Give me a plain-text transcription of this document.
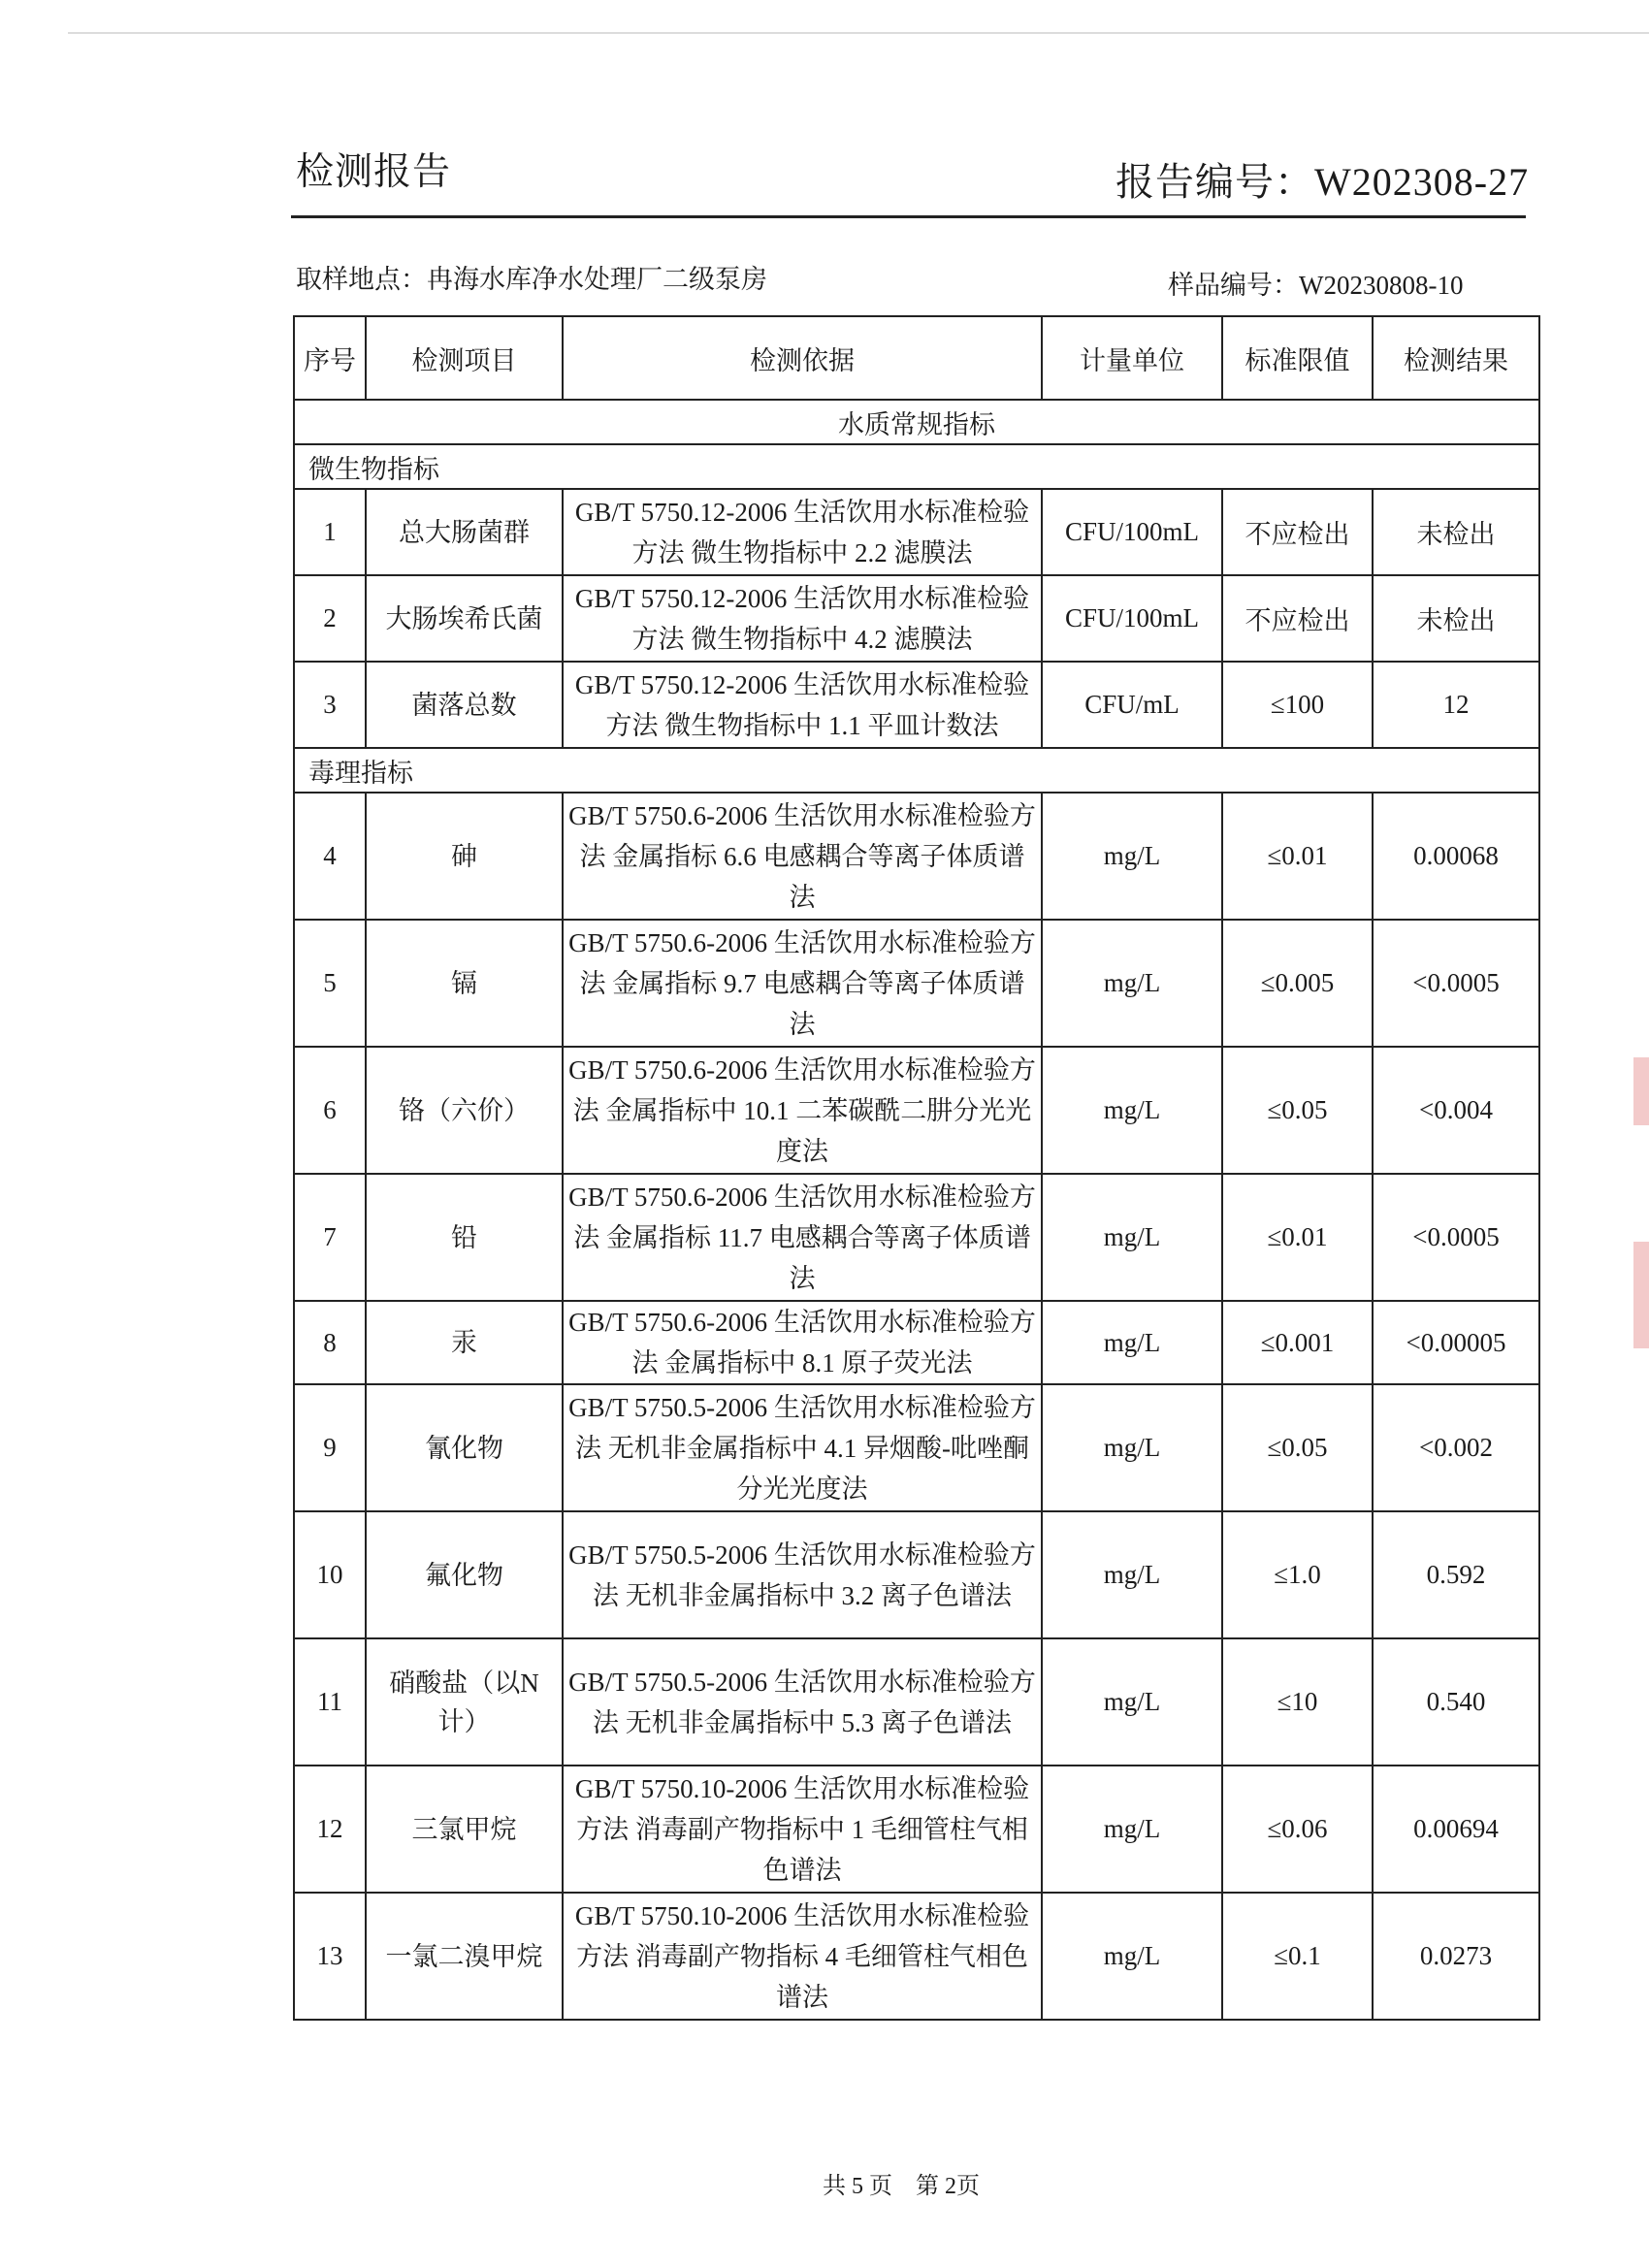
检测报告	报告编号：W202308-27
取样地点：冉海水库净水处理厂二级泵房	样品编号：W20230808-10
序号	检测项目	检测依据	计量单位	标准限值	检测结果
水质常规指标					
微生物指标					
1	总大肠菌群	GB/T 5750.12-2006 生活饮用水标准检验方法 微生物指标中 2.2 滤膜法	CFU/100mL	不应检出	未检出
2	大肠埃希氏菌	GB/T 5750.12-2006 生活饮用水标准检验方法 微生物指标中 4.2 滤膜法	CFU/100mL	不应检出	未检出
3	菌落总数	GB/T 5750.12-2006 生活饮用水标准检验方法 微生物指标中 1.1 平皿计数法	CFU/mL	≤100	12
毒理指标					
4	砷	GB/T 5750.6-2006 生活饮用水标准检验方法 金属指标 6.6 电感耦合等离子体质谱法	mg/L	≤0.01	0.00068
5	镉	GB/T 5750.6-2006 生活饮用水标准检验方法 金属指标 9.7 电感耦合等离子体质谱法	mg/L	≤0.005	<0.0005
6	铬（六价）	GB/T 5750.6-2006 生活饮用水标准检验方法 金属指标中 10.1 二苯碳酰二肼分光光度法	mg/L	≤0.05	<0.004
7	铅	GB/T 5750.6-2006 生活饮用水标准检验方法 金属指标 11.7 电感耦合等离子体质谱法	mg/L	≤0.01	<0.0005
8	汞	GB/T 5750.6-2006 生活饮用水标准检验方法 金属指标中 8.1 原子荧光法	mg/L	≤0.001	<0.00005
9	氰化物	GB/T 5750.5-2006 生活饮用水标准检验方法 无机非金属指标中 4.1 异烟酸-吡唑酮分光光度法	mg/L	≤0.05	<0.002
10	氟化物	GB/T 5750.5-2006 生活饮用水标准检验方法 无机非金属指标中 3.2 离子色谱法	mg/L	≤1.0	0.592
11	硝酸盐（以N计）	GB/T 5750.5-2006 生活饮用水标准检验方法 无机非金属指标中 5.3 离子色谱法	mg/L	≤10	0.540
12	三氯甲烷	GB/T 5750.10-2006 生活饮用水标准检验方法 消毒副产物指标中 1 毛细管柱气相色谱法	mg/L	≤0.06	0.00694
13	一氯二溴甲烷	GB/T 5750.10-2006 生活饮用水标准检验方法 消毒副产物指标 4 毛细管柱气相色谱法	mg/L	≤0.1	0.0273
共 5 页　第 2页
